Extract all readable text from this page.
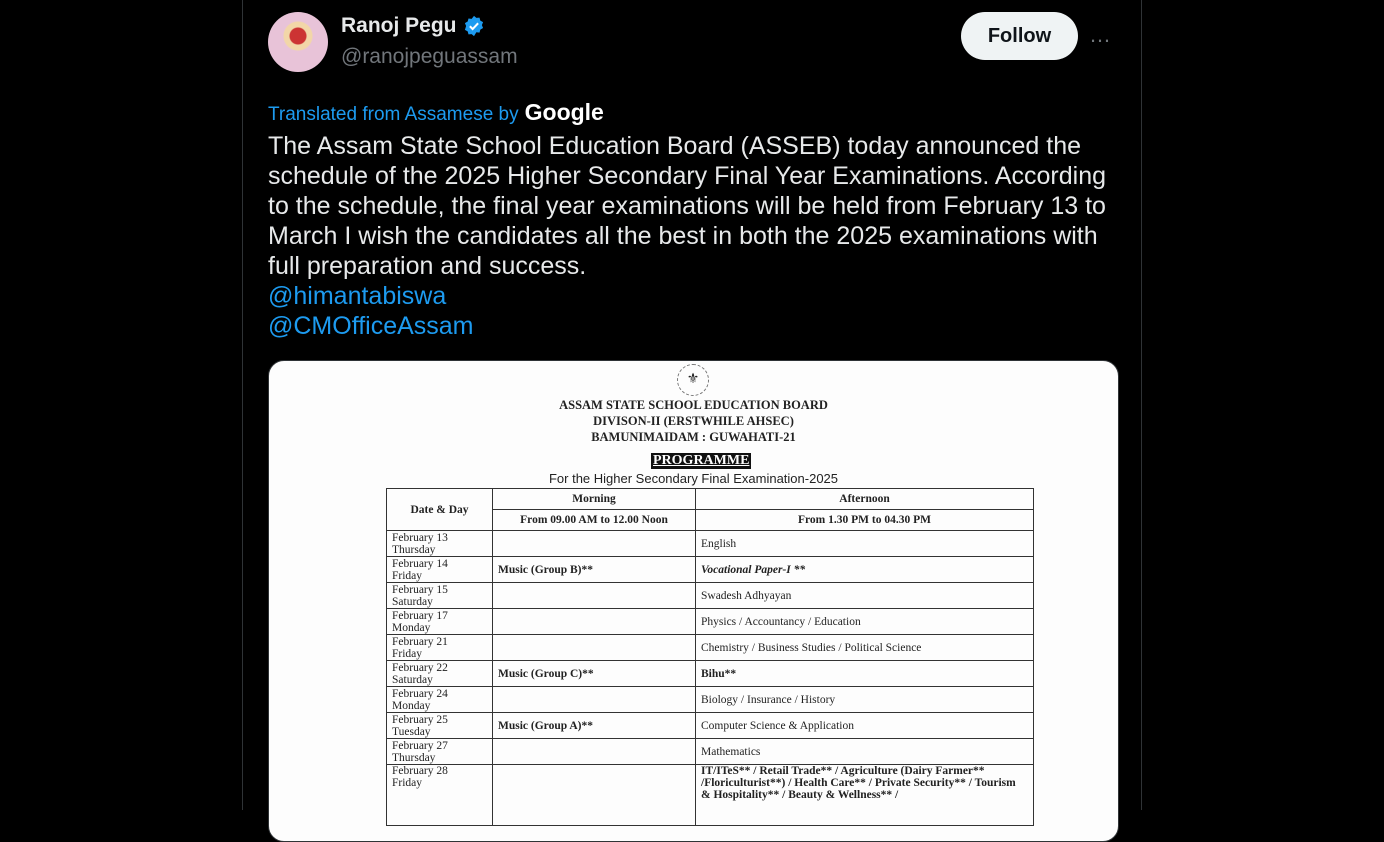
Ranoj Pegu
@ranojpeguassam
Follow	…
Translated from Assamese by Google
The Assam State School Education Board (ASSEB) today announced the schedule of the 2025 Higher Secondary Final Year Examinations. According to the schedule, the final year examinations will be held from February 13 to March I wish the candidates all the best in both the 2025 examinations with full preparation and success.
@himantabiswa
@CMOfficeAssam
⚜
ASSAM STATE SCHOOL EDUCATION BOARD
DIVISON-II (ERSTWHILE AHSEC)
BAMUNIMAIDAM : GUWAHATI-21
PROGRAMME
For the Higher Secondary Final Examination-2025
Date & Day	Morning	Afternoon
	From 09.00 AM to 12.00 Noon	From 1.30 PM to 04.30 PM

February 13
Thursday		English

February 14
Friday	Music (Group B)**	Vocational Paper-I **

February 15
Saturday		Swadesh Adhyayan

February 17
Monday		Physics / Accountancy / Education

February 21
Friday		Chemistry / Business Studies / Political Science

February 22
Saturday	Music (Group C)**	Bihu**

February 24
Monday		Biology / Insurance / History

February 25
Tuesday	Music (Group A)**	Computer Science & Application

February 27
Thursday		Mathematics

February 28
Friday		IT/ITeS** / Retail Trade** / Agriculture (Dairy Farmer** /Floriculturist**) / Health Care** / Private Security** / Tourism & Hospitality** / Beauty & Wellness** /
